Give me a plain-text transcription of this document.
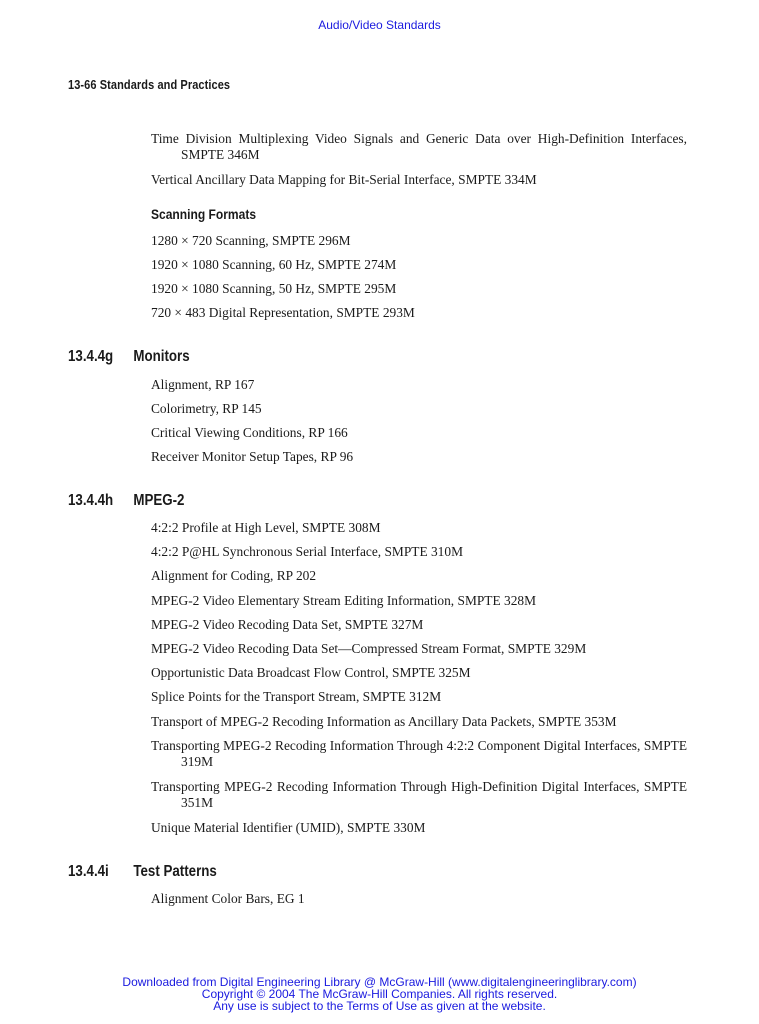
Audio/Video Standards
13-66 Standards and Practices

Time Division Multiplexing Video Signals and Generic Data over High-Definition Interfaces, SMPTE 346M

Vertical Ancillary Data Mapping for Bit-Serial Interface, SMPTE 334M

Scanning Formats

1280 × 720 Scanning, SMPTE 296M

1920 × 1080 Scanning, 60 Hz, SMPTE 274M

1920 × 1080 Scanning, 50 Hz, SMPTE 295M

720 × 483 Digital Representation, SMPTE 293M

13.4.4g Monitors

Alignment, RP 167

Colorimetry, RP 145

Critical Viewing Conditions, RP 166

Receiver Monitor Setup Tapes, RP 96

13.4.4h MPEG-2

4:2:2 Profile at High Level, SMPTE 308M

4:2:2 P@HL Synchronous Serial Interface, SMPTE 310M

Alignment for Coding, RP 202

MPEG-2 Video Elementary Stream Editing Information, SMPTE 328M

MPEG-2 Video Recoding Data Set, SMPTE 327M

MPEG-2 Video Recoding Data Set—Compressed Stream Format, SMPTE 329M

Opportunistic Data Broadcast Flow Control, SMPTE 325M

Splice Points for the Transport Stream, SMPTE 312M

Transport of MPEG-2 Recoding Information as Ancillary Data Packets, SMPTE 353M

Transporting MPEG-2 Recoding Information Through 4:2:2 Component Digital Interfaces, SMPTE 319M

Transporting MPEG-2 Recoding Information Through High-Definition Digital Interfaces, SMPTE 351M

Unique Material Identifier (UMID), SMPTE 330M

13.4.4i Test Patterns

Alignment Color Bars, EG 1

Downloaded from Digital Engineering Library @ McGraw-Hill (www.digitalengineeringlibrary.com)
Copyright © 2004 The McGraw-Hill Companies. All rights reserved.
Any use is subject to the Terms of Use as given at the website.
